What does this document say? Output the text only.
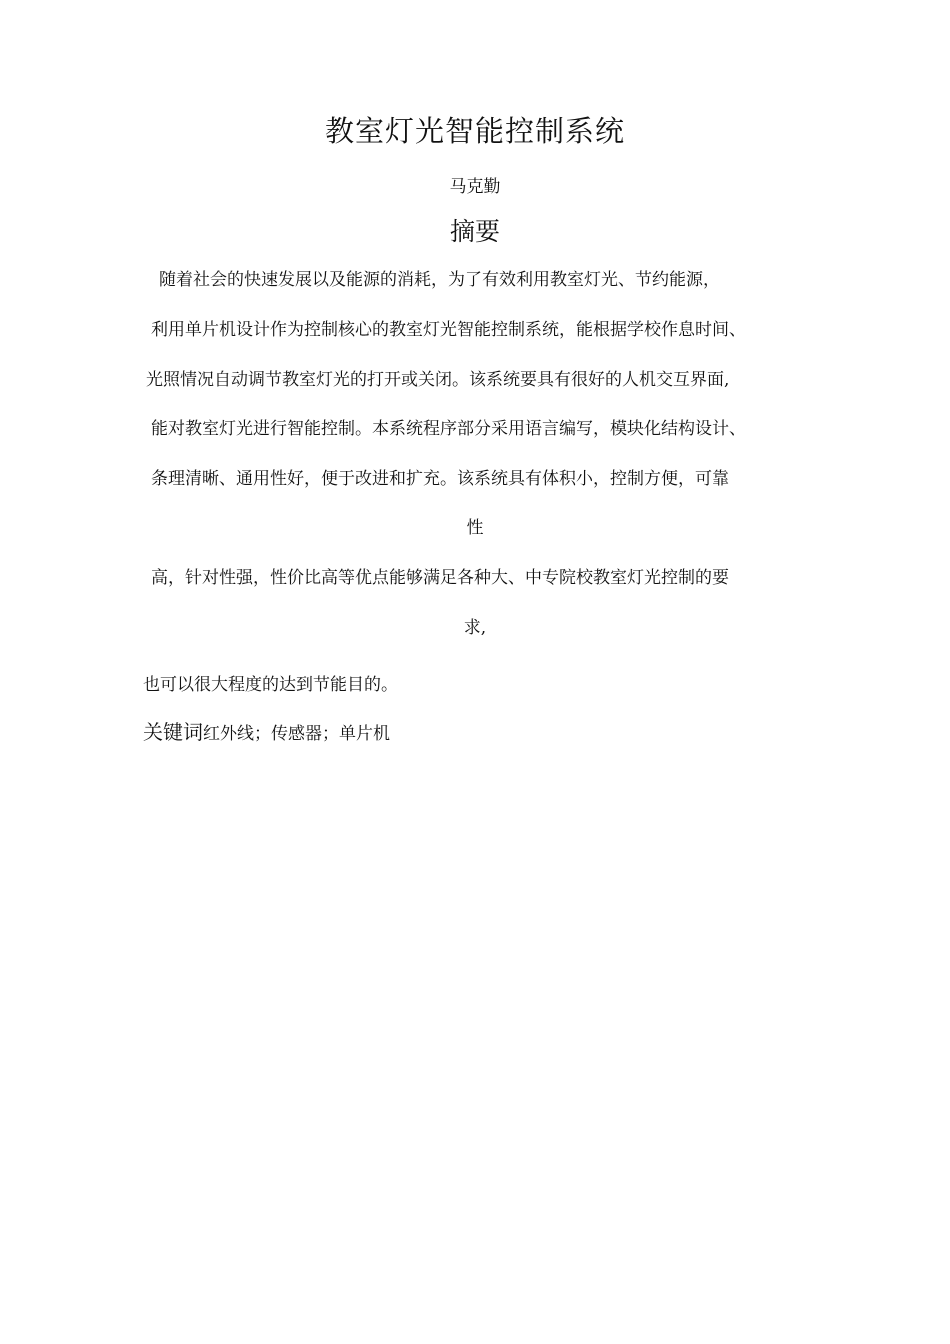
教室灯光智能控制系统
马克勤
摘要
随着社会的快速发展以及能源的消耗，为了有效利用教室灯光、节约能源，
利用单片机设计作为控制核心的教室灯光智能控制系统，能根据学校作息时间、
光照情况自动调节教室灯光的打开或关闭。该系统要具有很好的人机交互界面,
能对教室灯光进行智能控制。本系统程序部分采用语言编写，模块化结构设计、
条理清晰、通用性好，便于改进和扩充。该系统具有体积小，控制方便，可靠
性
高，针对性强，性价比高等优点能够满足各种大、中专院校教室灯光控制的要
求,
也可以很大程度的达到节能目的。
关键词红外线；传感器；单片机
